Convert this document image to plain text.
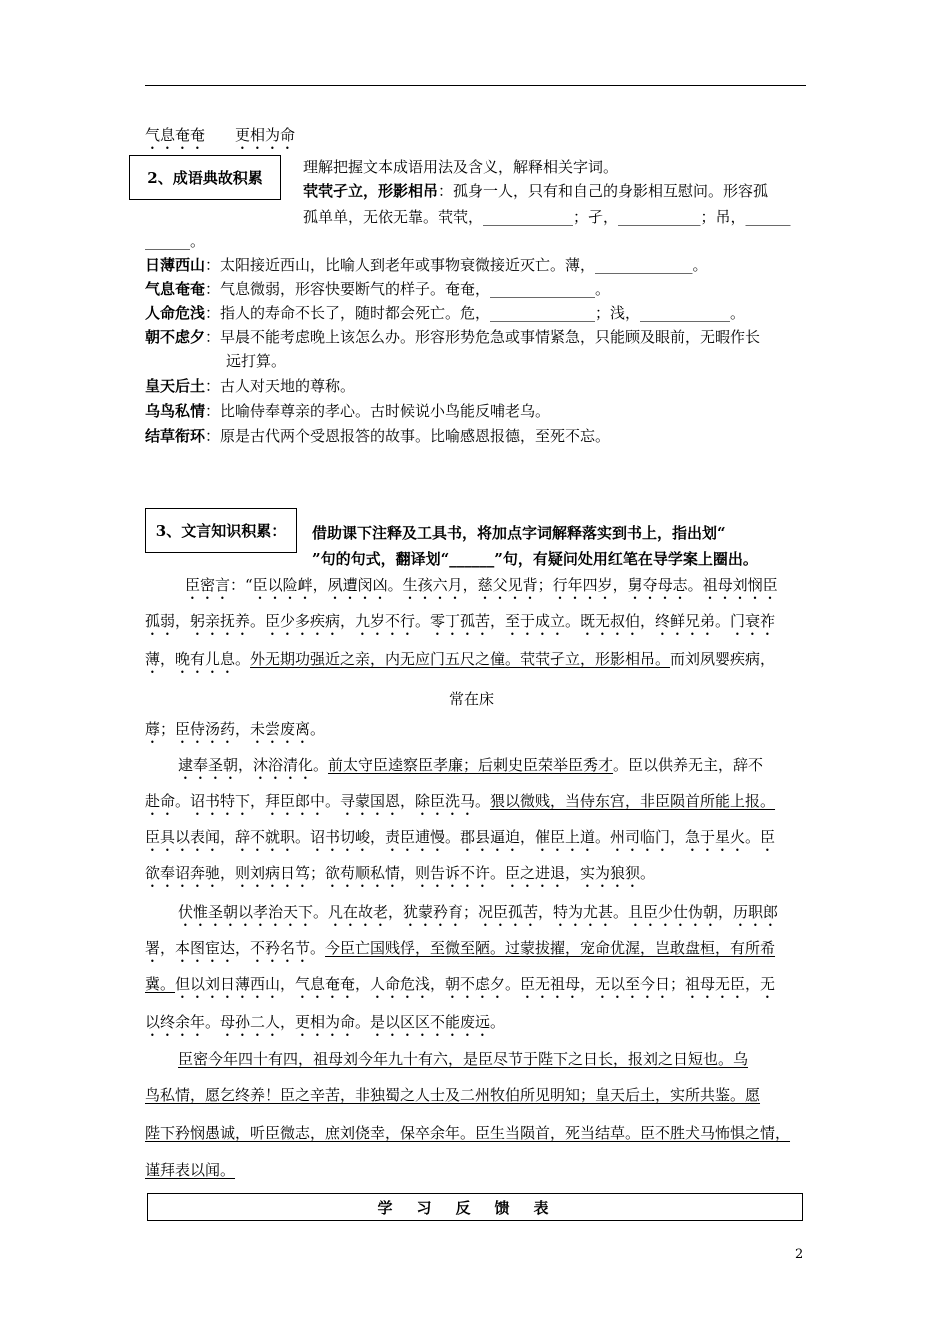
气息奄奄　　更相为命
2、成语典故积累
理解把握文本成语用法及含义，解释相关字词。
茕茕孑立，形影相吊：孤身一人，只有和自己的身影相互慰问。形容孤
孤单单，无依无靠。茕茕，____________；孑，___________；吊，______
______。
日薄西山：太阳接近西山，比喻人到老年或事物衰微接近灭亡。薄，_____________。
气息奄奄：气息微弱，形容快要断气的样子。奄奄，______________。
人命危浅：指人的寿命不长了，随时都会死亡。危，______________；浅，____________。
朝不虑夕：早晨不能考虑晚上该怎么办。形容形势危急或事情紧急，只能顾及眼前，无暇作长
远打算。
皇天后土：古人对天地的尊称。
乌鸟私情：比喻侍奉尊亲的孝心。古时候说小鸟能反哺老乌。
结草衔环：原是古代两个受恩报答的故事。比喻感恩报德，至死不忘。
3、文言知识积累： 借助课下注释及工具书，将加点字词解释落实到书上，指出划“
”句的句式，翻译划“______”句，有疑问处用红笔在导学案上圈出。
臣密言：“臣以险衅，夙遭闵凶。生孩六月，慈父见背；行年四岁，舅夺母志。祖母刘悯臣
孤弱，躬亲抚养。臣少多疾病，九岁不行。零丁孤苦，至于成立。既无叔伯，终鲜兄弟。门衰祚
薄，晚有儿息。外无期功强近之亲，内无应门五尺之僮。茕茕孑立，形影相吊。而刘夙婴疾病，
常在床
蓐；臣侍汤药，未尝废离。
逮奉圣朝，沐浴清化。前太守臣逵察臣孝廉；后刺史臣荣举臣秀才。臣以供养无主，辞不
赴命。诏书特下，拜臣郎中。寻蒙国恩，除臣洗马。猥以微贱，当侍东宫，非臣陨首所能上报。
臣具以表闻，辞不就职。诏书切峻，责臣逋慢。郡县逼迫，催臣上道。州司临门，急于星火。臣
欲奉诏奔驰，则刘病日笃；欲苟顺私情，则告诉不许。臣之进退，实为狼狈。
伏惟圣朝以孝治天下。凡在故老，犹蒙矜育；况臣孤苦，特为尤甚。且臣少仕伪朝，历职郎
署，本图宦达，不矜名节。今臣亡国贱俘，至微至陋。过蒙拔擢，宠命优渥，岂敢盘桓，有所希
冀。但以刘日薄西山，气息奄奄，人命危浅，朝不虑夕。臣无祖母，无以至今日；祖母无臣，无
以终余年。母孙二人，更相为命。是以区区不能废远。
臣密今年四十有四，祖母刘今年九十有六，是臣尽节于陛下之日长，报刘之日短也。乌
鸟私情，愿乞终养！臣之辛苦，非独蜀之人士及二州牧伯所见明知；皇天后土，实所共鉴。愿
陛下矜悯愚诚，听臣微志，庶刘侥幸，保卒余年。臣生当陨首，死当结草。臣不胜犬马怖惧之情，
谨拜表以闻。
学习反馈表
2
